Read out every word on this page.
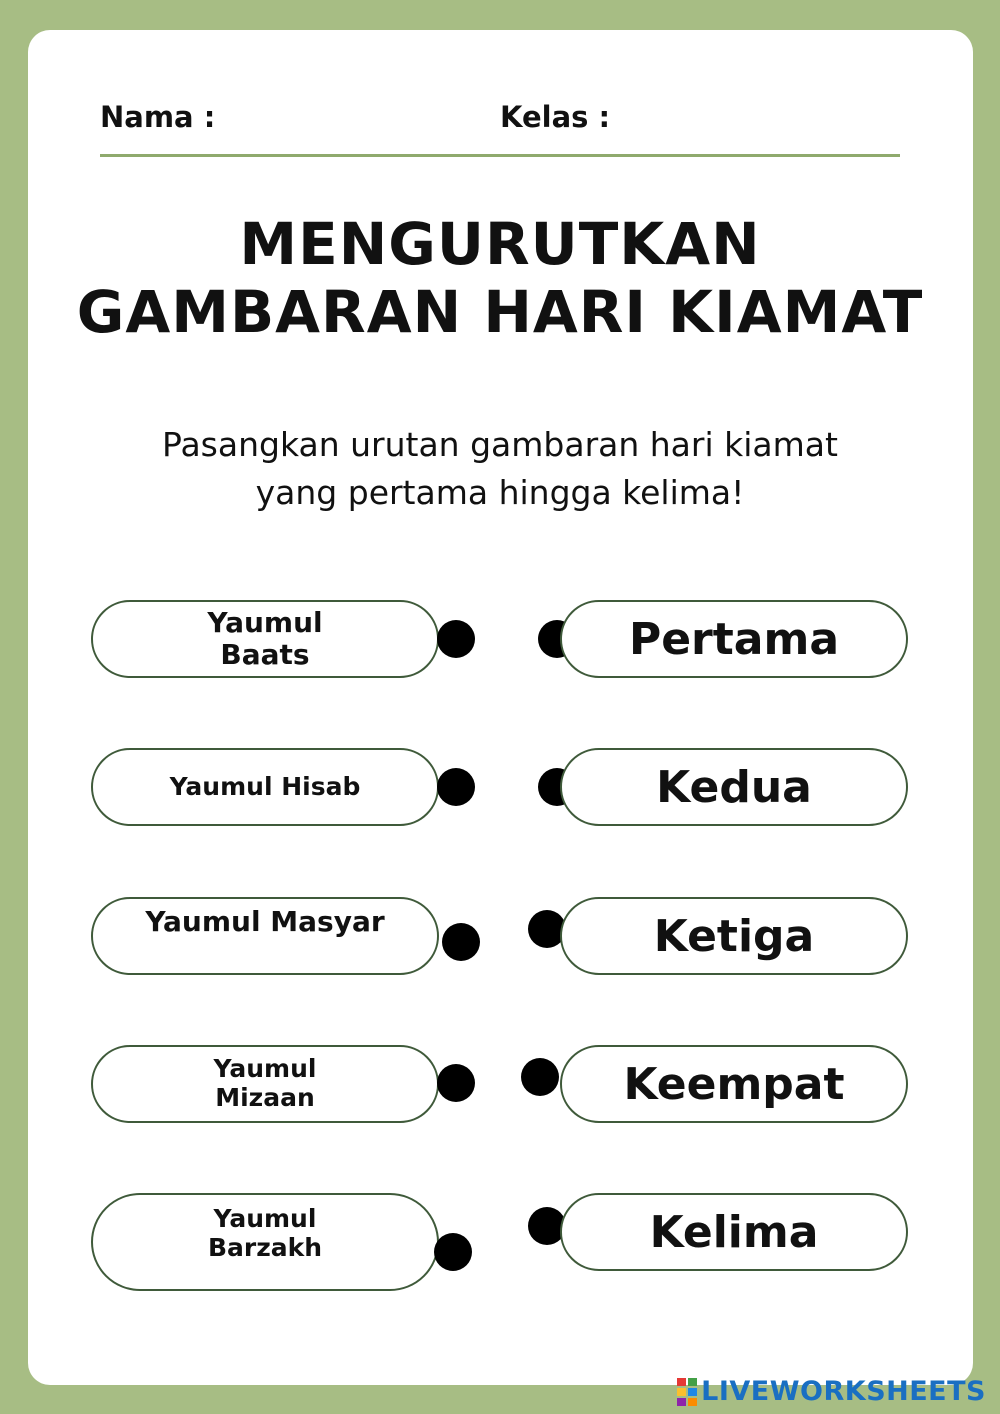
Nama :	Kelas :
MENGURUTKAN
GAMBARAN HARI KIAMAT
Pasangkan urutan gambaran hari kiamat
yang pertama hingga kelima!
Yaumul
Baats	Pertama
Yaumul Hisab	Kedua
Yaumul Masyar	Ketiga
Yaumul
Mizaan	Keempat
Yaumul
Barzakh	Kelima
LIVEWORKSHEETS
